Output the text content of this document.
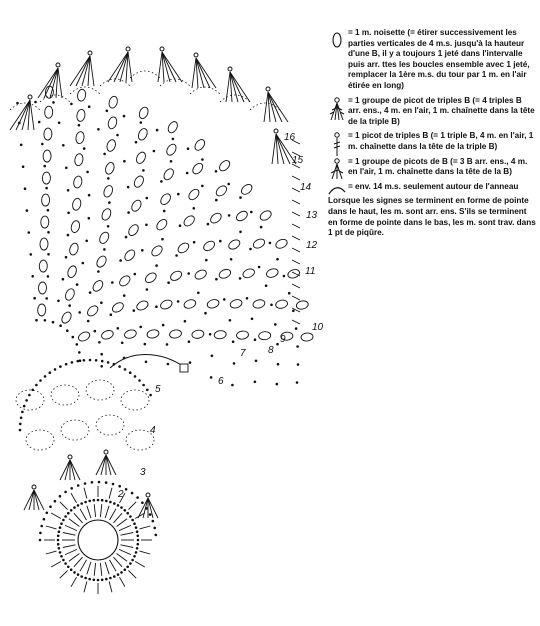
2
3
4
5
6
7 8
9
10
11
12
13
14
15
16
= 1 m. noisette (= étirer successivement les parties verticales de 4 m.s. jusqu'à la hauteur d'une B, il y a toujours 1 jeté dans l'intervalle puis arr. ttes les boucles ensemble avec 1 jeté, remplacer la 1ère m.s. du tour par 1 m. en l'air étirée en long)
= 1 groupe de picot de triples B (= 4 triples B arr. ens., 4 m. en l'air, 1 m. chaînette dans la tête de la triple B)
= 1 picot de triples B (= 1 triple B, 4 m. en l'air, 1 m. chaînette dans la tête de la triple B)
= 1 groupe de picots de B (= 3 B arr. ens., 4 m. en l'air, 1 m. chaînette dans la tête de la B)
= env. 14 m.s. seulement autour de l'anneau
Lorsque les signes se terminent en forme de pointe dans le haut, les m. sont arr. ens. S'ils se terminent en forme de pointe dans le bas, les m. sont trav. dans 1 pt de piqûre.
